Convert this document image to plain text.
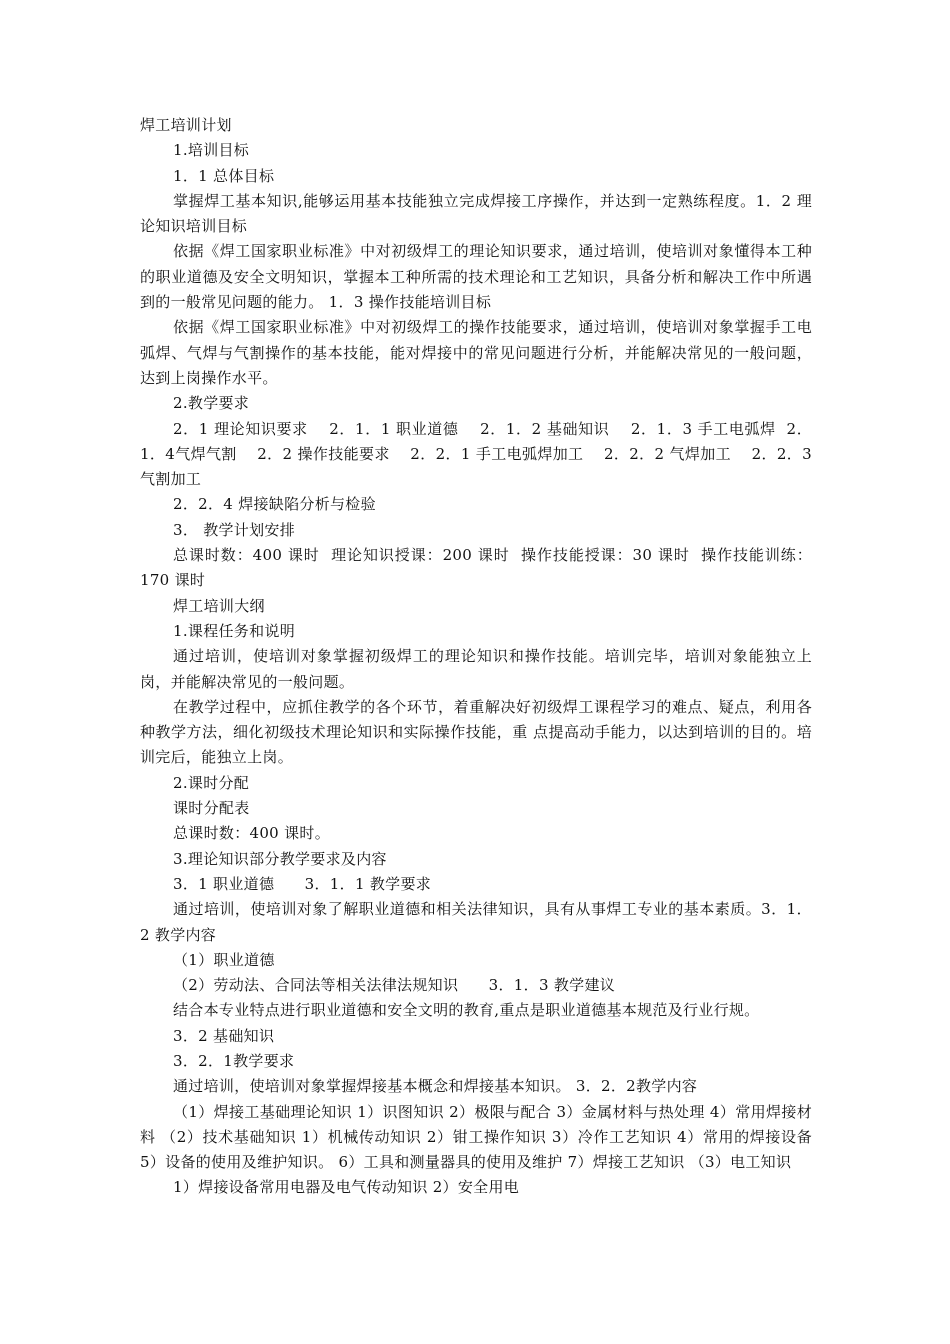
焊工培训计划

1.培训目标

1．1 总体目标

掌握焊工基本知识,能够运用基本技能独立完成焊接工序操作，并达到一定熟练程度。1．2 理论知识培训目标

依据《焊工国家职业标准》中对初级焊工的理论知识要求，通过培训，使培训对象懂得本工种的职业道德及安全文明知识，掌握本工种所需的技术理论和工艺知识，具备分析和解决工作中所遇到的一般常见问题的能力。 1．3 操作技能培训目标

依据《焊工国家职业标准》中对初级焊工的操作技能要求，通过培训，使培训对象掌握手工电弧焊、气焊与气割操作的基本技能，能对焊接中的常见问题进行分析，并能解决常见的一般问题，达到上岗操作水平。

2.教学要求

2．1 理论知识要求    2．1．1 职业道德    2．1．2 基础知识    2．1．3 手工电弧焊  2．1．4气焊气割    2．2 操作技能要求    2．2．1 手工电弧焊加工    2．2．2 气焊加工    2．2．3 气割加工

2．2．4 焊接缺陷分析与检验

3． 教学计划安排

总课时数：400 课时  理论知识授课：200 课时  操作技能授课：30 课时  操作技能训练：170 课时

焊工培训大纲

1.课程任务和说明

通过培训，使培训对象掌握初级焊工的理论知识和操作技能。培训完毕，培训对象能独立上岗，并能解决常见的一般问题。

在教学过程中，应抓住教学的各个环节，着重解决好初级焊工课程学习的难点、疑点，利用各种教学方法，细化初级技术理论知识和实际操作技能，重 点提高动手能力，以达到培训的目的。培训完后，能独立上岗。

2.课时分配

课时分配表

总课时数：400 课时。

3.理论知识部分教学要求及内容

3．1 职业道德      3．1．1 教学要求

通过培训，使培训对象了解职业道德和相关法律知识，具有从事焊工专业的基本素质。3．1．2 教学内容

（1）职业道德

（2）劳动法、合同法等相关法律法规知识      3．1．3 教学建议

结合本专业特点进行职业道德和安全文明的教育,重点是职业道德基本规范及行业行规。

3．2 基础知识

3．2．1教学要求

通过培训，使培训对象掌握焊接基本概念和焊接基本知识。 3．2．2教学内容

（1）焊接工基础理论知识 1）识图知识 2）极限与配合 3）金属材料与热处理 4）常用焊接材料 （2）技术基础知识 1）机械传动知识 2）钳工操作知识 3）冷作工艺知识 4）常用的焊接设备 5）设备的使用及维护知识。 6）工具和测量器具的使用及维护 7）焊接工艺知识 （3）电工知识

1）焊接设备常用电器及电气传动知识 2）安全用电
